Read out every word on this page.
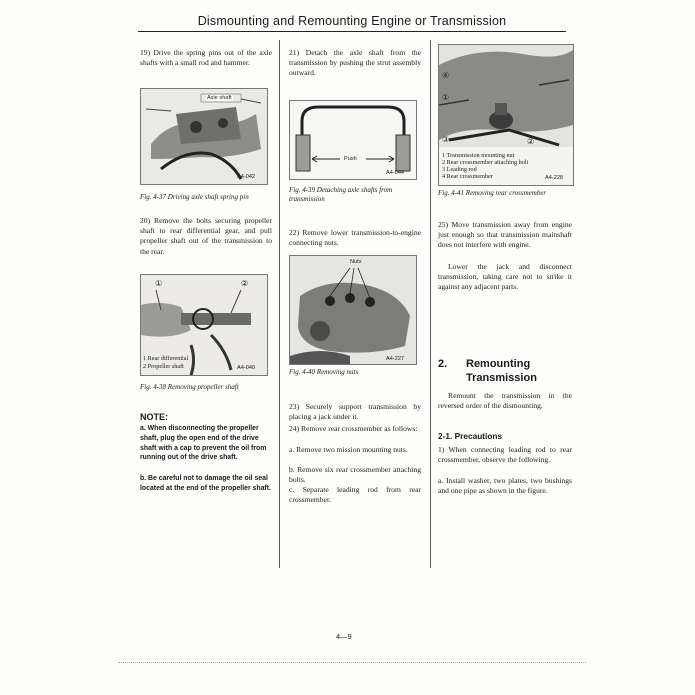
Dismounting and Remounting Engine or Transmission

19) Drive the spring pins out of the axle shafts with a small rod and hammer.

Axle shaft
A4-042

Fig. 4-37 Driving axle shaft spring pin

20) Remove the bolts securing propeller shaft to rear differential gear, and pull propeller shaft out of the transmission to the rear.

①	②
1 Rear differential
2 Propeller shaft	A4-040

Fig. 4-38 Removing propeller shaft

NOTE:

a. When disconnecting the propeller shaft, plug the open end of the drive shaft with a cap to prevent the oil from running out of the drive shaft.

b. Be careful not to damage the oil seal located at the end of the propeller shaft.

21) Detach the axle shaft from the transmission by pushing the strut assembly outward.

Push
A4-044

Fig. 4-39 Detaching axle shafts from transmission

22) Remove lower transmission-to-engine connecting nuts.

Nuts
A4-227

Fig. 4-40 Removing nuts

23) Securely support transmission by placing a jack under it.

24) Remove rear crossmember as follows:

a. Remove two mission mounting nuts.

b. Remove six rear crossmember attaching bolts.

c. Separate leading rod from rear crossmember.

④
①
③	②
1 Transmission mounting nut
2 Rear crossmember attaching bolt
3 Leading rod
4 Rear crossmember	A4-228

Fig. 4-41 Removing rear crossmember

25) Move transmission away from engine just enough so that transmission mainshaft does not interfere with engine.

Lower the jack and disconnect transmission, taking care not to strike it against any adjacent parts.

2. Remounting
Transmission

Remount the transmission in the reversed order of the dismounting.

2-1. Precautions

1) When connecting leading rod to rear crossmember, observe the following.

a. Install washer, two plates, two bushings and one pipe as shown in the figure.

4—9
